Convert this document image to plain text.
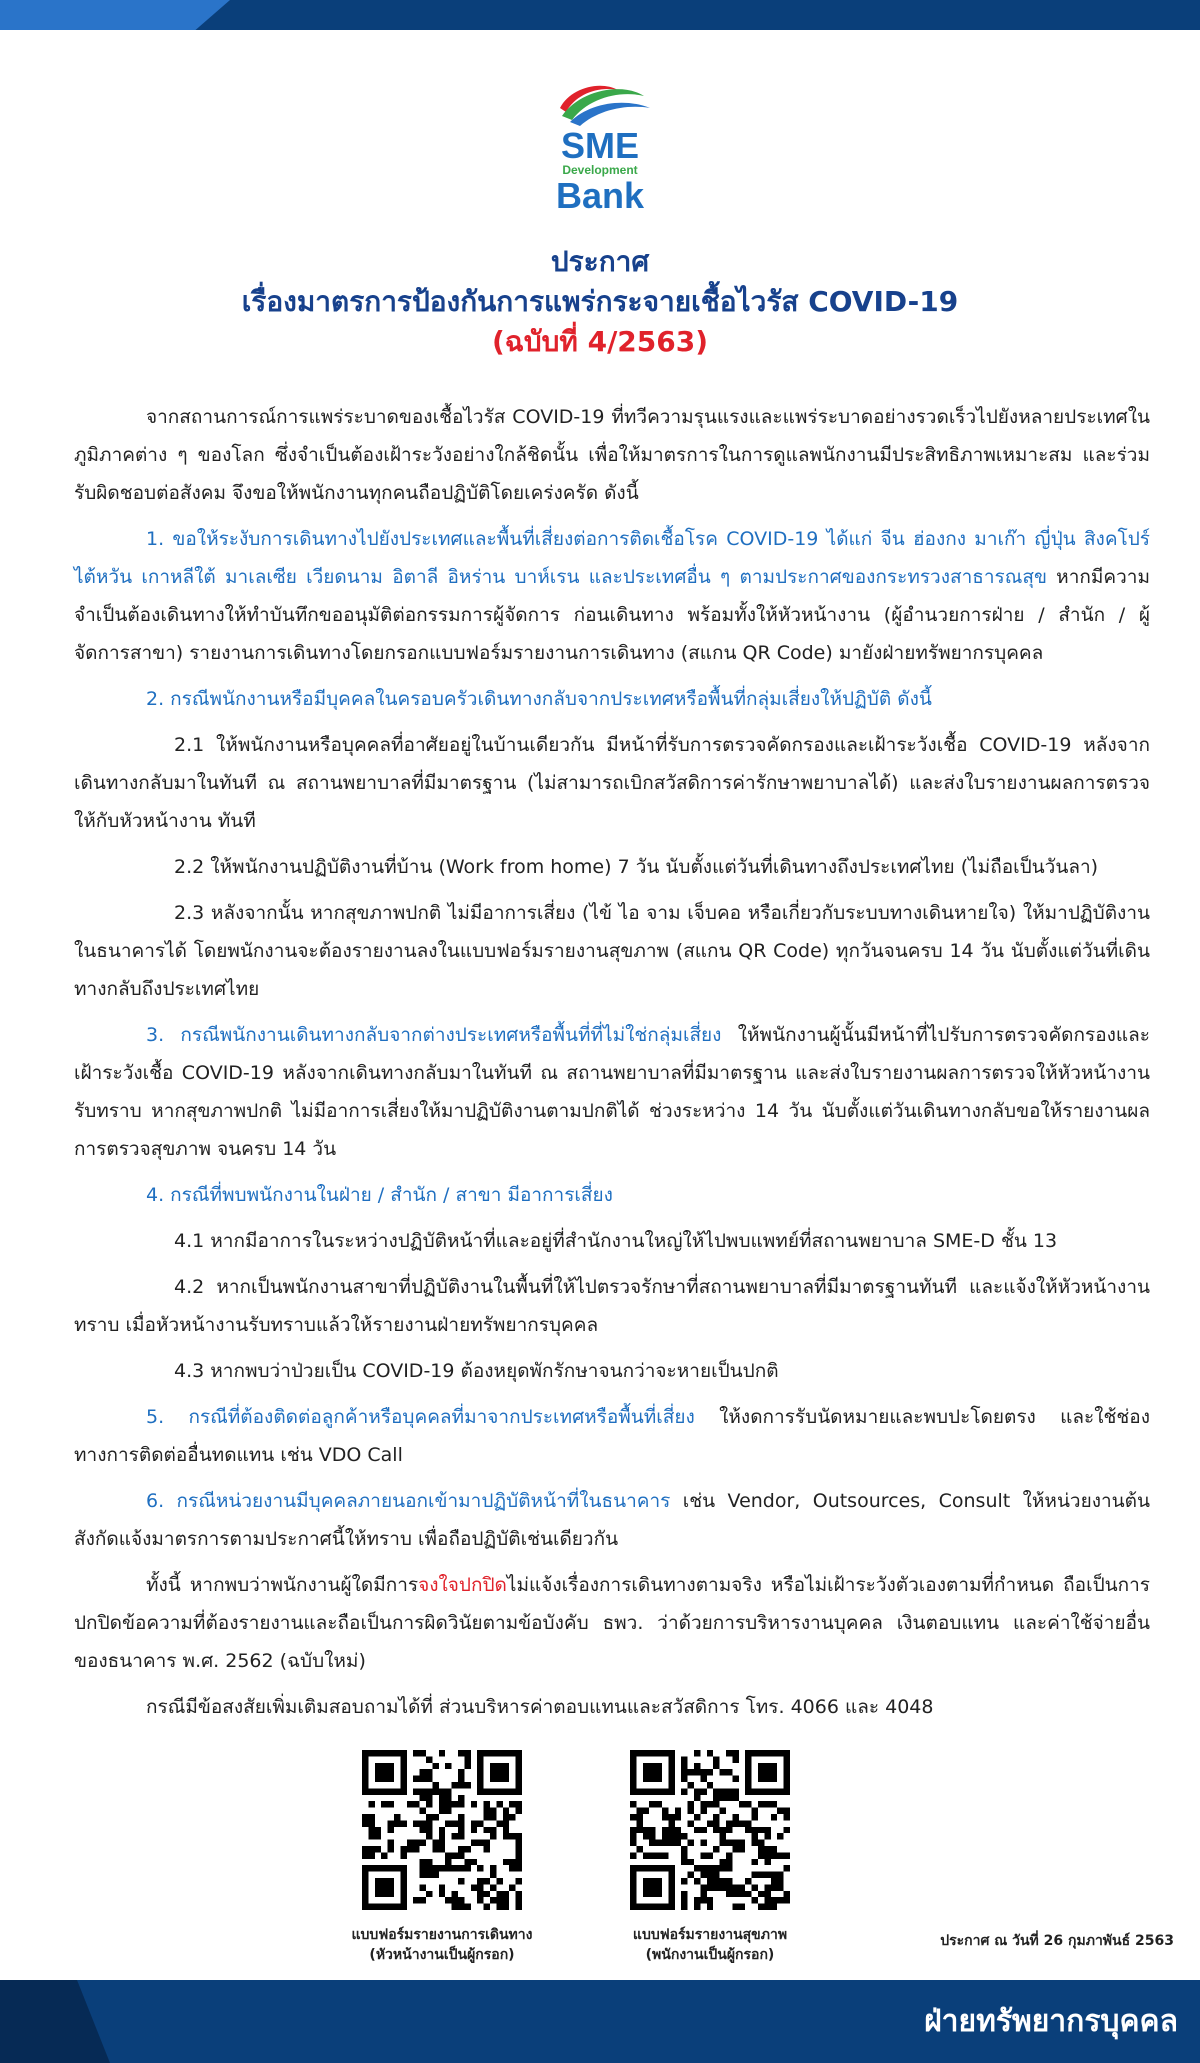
SME
Development
Bank
ประกาศ
เรื่องมาตรการป้องกันการแพร่กระจายเชื้อไวรัส COVID-19
(ฉบับที่ 4/2563)

จากสถานการณ์การแพร่ระบาดของเชื้อไวรัส COVID-19 ที่ทวีความรุนแรงและแพร่ระบาดอย่างรวดเร็วไปยังหลายประเทศในภูมิภาคต่าง ๆ ของโลก ซึ่งจำเป็นต้องเฝ้าระวังอย่างใกล้ชิดนั้น เพื่อให้มาตรการในการดูแลพนักงานมีประสิทธิภาพเหมาะสม และร่วมรับผิดชอบต่อสังคม จึงขอให้พนักงานทุกคนถือปฏิบัติโดยเคร่งครัด ดังนี้

1. ขอให้ระงับการเดินทางไปยังประเทศและพื้นที่เสี่ยงต่อการติดเชื้อโรค COVID-19 ได้แก่ จีน ฮ่องกง มาเก๊า ญี่ปุ่น สิงคโปร์ ไต้หวัน เกาหลีใต้ มาเลเซีย เวียดนาม อิตาลี อิหร่าน บาห์เรน และประเทศอื่น ๆ ตามประกาศของกระทรวงสาธารณสุข หากมีความจำเป็นต้องเดินทางให้ทำบันทึกขออนุมัติต่อกรรมการผู้จัดการ ก่อนเดินทาง พร้อมทั้งให้หัวหน้างาน (ผู้อำนวยการฝ่าย / สำนัก / ผู้จัดการสาขา) รายงานการเดินทางโดยกรอกแบบฟอร์มรายงานการเดินทาง (สแกน QR Code) มายังฝ่ายทรัพยากรบุคคล

2. กรณีพนักงานหรือมีบุคคลในครอบครัวเดินทางกลับจากประเทศหรือพื้นที่กลุ่มเสี่ยงให้ปฏิบัติ ดังนี้

2.1 ให้พนักงานหรือบุคคลที่อาศัยอยู่ในบ้านเดียวกัน มีหน้าที่รับการตรวจคัดกรองและเฝ้าระวังเชื้อ COVID-19 หลังจากเดินทางกลับมาในทันที ณ สถานพยาบาลที่มีมาตรฐาน (ไม่สามารถเบิกสวัสดิการค่ารักษาพยาบาลได้) และส่งใบรายงานผลการตรวจให้กับหัวหน้างาน ทันที

2.2 ให้พนักงานปฏิบัติงานที่บ้าน (Work from home) 7 วัน นับตั้งแต่วันที่เดินทางถึงประเทศไทย (ไม่ถือเป็นวันลา)

2.3 หลังจากนั้น หากสุขภาพปกติ ไม่มีอาการเสี่ยง (ไข้ ไอ จาม เจ็บคอ หรือเกี่ยวกับระบบทางเดินหายใจ) ให้มาปฏิบัติงานในธนาคารได้ โดยพนักงานจะต้องรายงานลงในแบบฟอร์มรายงานสุขภาพ (สแกน QR Code) ทุกวันจนครบ 14 วัน นับตั้งแต่วันที่เดินทางกลับถึงประเทศไทย

3. กรณีพนักงานเดินทางกลับจากต่างประเทศหรือพื้นที่ที่ไม่ใช่กลุ่มเสี่ยง ให้พนักงานผู้นั้นมีหน้าที่ไปรับการตรวจคัดกรองและเฝ้าระวังเชื้อ COVID-19 หลังจากเดินทางกลับมาในทันที ณ สถานพยาบาลที่มีมาตรฐาน และส่งใบรายงานผลการตรวจให้หัวหน้างาน รับทราบ หากสุขภาพปกติ ไม่มีอาการเสี่ยงให้มาปฏิบัติงานตามปกติได้ ช่วงระหว่าง 14 วัน นับตั้งแต่วันเดินทางกลับขอให้รายงานผลการตรวจสุขภาพ จนครบ 14 วัน

4. กรณีที่พบพนักงานในฝ่าย / สำนัก / สาขา มีอาการเสี่ยง

4.1 หากมีอาการในระหว่างปฏิบัติหน้าที่และอยู่ที่สำนักงานใหญ่ให้ไปพบแพทย์ที่สถานพยาบาล SME-D ชั้น 13

4.2 หากเป็นพนักงานสาขาที่ปฏิบัติงานในพื้นที่ให้ไปตรวจรักษาที่สถานพยาบาลที่มีมาตรฐานทันที และแจ้งให้หัวหน้างานทราบ เมื่อหัวหน้างานรับทราบแล้วให้รายงานฝ่ายทรัพยากรบุคคล

4.3 หากพบว่าป่วยเป็น COVID-19 ต้องหยุดพักรักษาจนกว่าจะหายเป็นปกติ

5. กรณีที่ต้องติดต่อลูกค้าหรือบุคคลที่มาจากประเทศหรือพื้นที่เสี่ยง ให้งดการรับนัดหมายและพบปะโดยตรง และใช้ช่องทางการติดต่ออื่นทดแทน เช่น VDO Call

6. กรณีหน่วยงานมีบุคคลภายนอกเข้ามาปฏิบัติหน้าที่ในธนาคาร เช่น Vendor, Outsources, Consult ให้หน่วยงานต้นสังกัดแจ้งมาตรการตามประกาศนี้ให้ทราบ เพื่อถือปฏิบัติเช่นเดียวกัน

ทั้งนี้ หากพบว่าพนักงานผู้ใดมีการจงใจปกปิดไม่แจ้งเรื่องการเดินทางตามจริง หรือไม่เฝ้าระวังตัวเองตามที่กำหนด ถือเป็นการปกปิดข้อความที่ต้องรายงานและถือเป็นการผิดวินัยตามข้อบังคับ ธพว. ว่าด้วยการบริหารงานบุคคล เงินตอบแทน และค่าใช้จ่ายอื่นของธนาคาร พ.ศ. 2562 (ฉบับใหม่)

กรณีมีข้อสงสัยเพิ่มเติมสอบถามได้ที่ ส่วนบริหารค่าตอบแทนและสวัสดิการ โทร. 4066 และ 4048

แบบฟอร์มรายงานการเดินทาง
(หัวหน้างานเป็นผู้กรอก)
แบบฟอร์มรายงานสุขภาพ
(พนักงานเป็นผู้กรอก)
ประกาศ ณ วันที่ 26 กุมภาพันธ์ 2563
ฝ่ายทรัพยากรบุคคล
